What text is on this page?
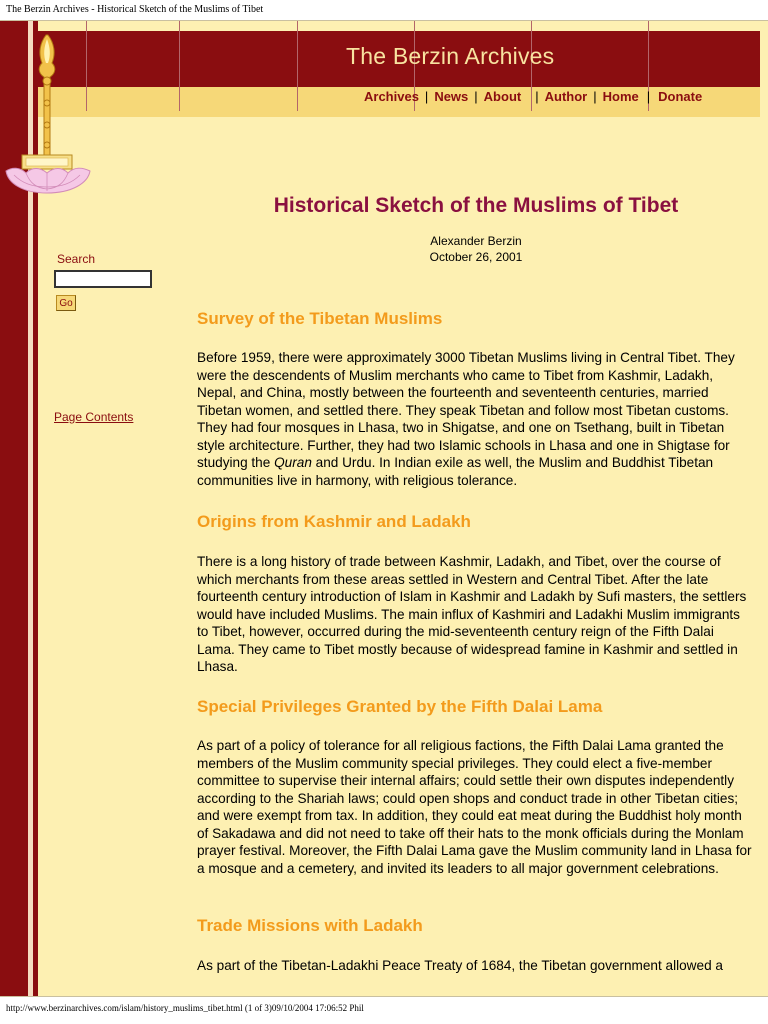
The Berzin Archives - Historical Sketch of the Muslims of Tibet
The Berzin Archives
Archives | News | About | Author | Home | Donate
Search
Go
Page Contents
Historical Sketch of the Muslims of Tibet
Alexander Berzin
October 26, 2001
Survey of the Tibetan Muslims

Before 1959, there were approximately 3000 Tibetan Muslims living in Central Tibet. They were the descendents of Muslim merchants who came to Tibet from Kashmir, Ladakh, Nepal, and China, mostly between the fourteenth and seventeenth centuries, married Tibetan women, and settled there. They speak Tibetan and follow most Tibetan customs. They had four mosques in Lhasa, two in Shigatse, and one on Tsethang, built in Tibetan style architecture. Further, they had two Islamic schools in Lhasa and one in Shigtase for studying the Quran and Urdu. In Indian exile as well, the Muslim and Buddhist Tibetan communities live in harmony, with religious tolerance.

Origins from Kashmir and Ladakh

There is a long history of trade between Kashmir, Ladakh, and Tibet, over the course of which merchants from these areas settled in Western and Central Tibet. After the late fourteenth century introduction of Islam in Kashmir and Ladakh by Sufi masters, the settlers would have included Muslims. The main influx of Kashmiri and Ladakhi Muslim immigrants to Tibet, however, occurred during the mid-seventeenth century reign of the Fifth Dalai Lama. They came to Tibet mostly because of widespread famine in Kashmir and settled in Lhasa.

Special Privileges Granted by the Fifth Dalai Lama

As part of a policy of tolerance for all religious factions, the Fifth Dalai Lama granted the members of the Muslim community special privileges. They could elect a five-member committee to supervise their internal affairs; could settle their own disputes independently according to the Shariah laws; could open shops and conduct trade in other Tibetan cities; and were exempt from tax. In addition, they could eat meat during the Buddhist holy month of Sakadawa and did not need to take off their hats to the monk officials during the Monlam prayer festival. Moreover, the Fifth Dalai Lama gave the Muslim community land in Lhasa for a mosque and a cemetery, and invited its leaders to all major government celebrations.

Trade Missions with Ladakh

As part of the Tibetan-Ladakhi Peace Treaty of 1684, the Tibetan government allowed a

http://www.berzinarchives.com/islam/history_muslims_tibet.html (1 of 3)09/10/2004 17:06:52 Phil
